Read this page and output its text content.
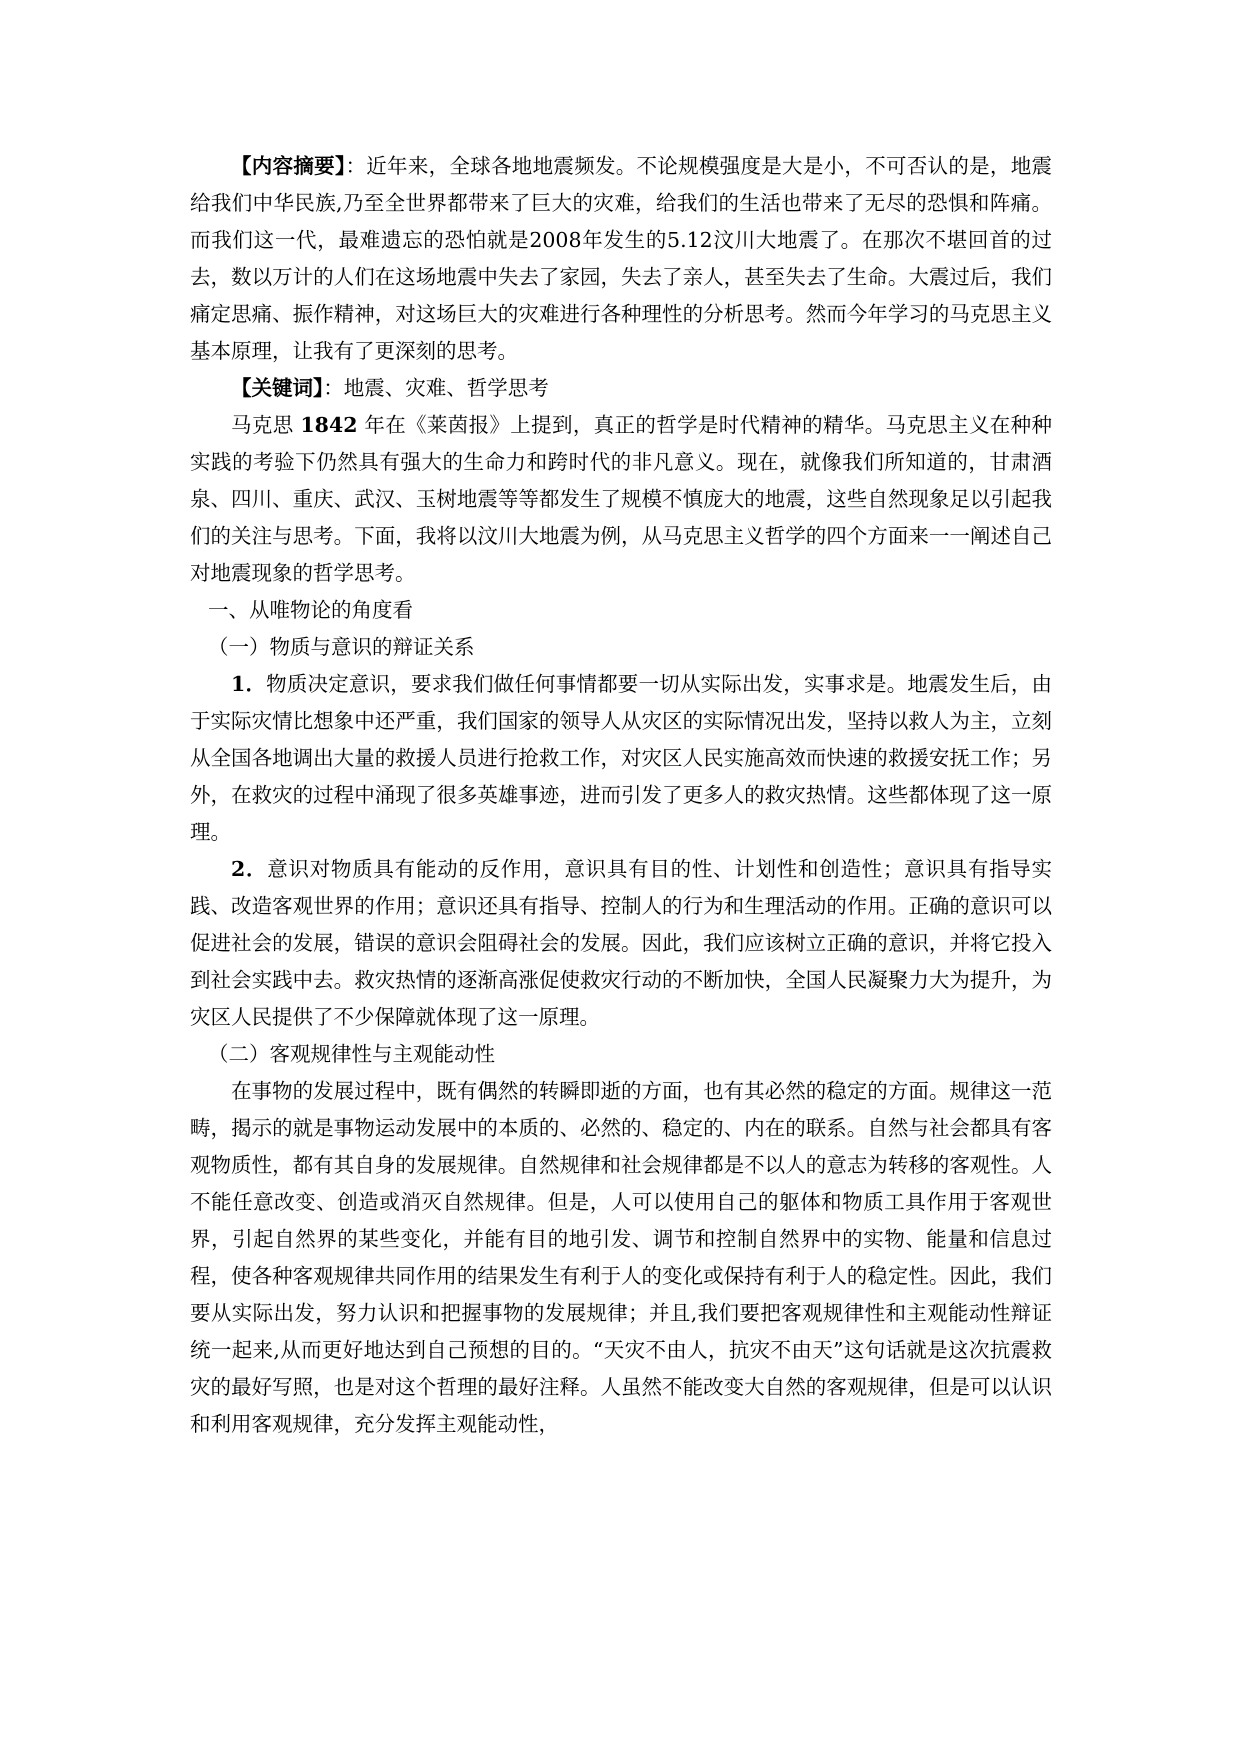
【内容摘要】：近年来，全球各地地震频发。不论规模强度是大是小，不可否认的是，地震给我们中华民族,乃至全世界都带来了巨大的灾难，给我们的生活也带来了无尽的恐惧和阵痛。而我们这一代，最难遗忘的恐怕就是2008年发生的5.12汶川大地震了。在那次不堪回首的过去，数以万计的人们在这场地震中失去了家园，失去了亲人，甚至失去了生命。大震过后，我们痛定思痛、振作精神，对这场巨大的灾难进行各种理性的分析思考。然而今年学习的马克思主义基本原理，让我有了更深刻的思考。

【关键词】：地震、灾难、哲学思考

马克思 1842 年在《莱茵报》上提到，真正的哲学是时代精神的精华。马克思主义在种种实践的考验下仍然具有强大的生命力和跨时代的非凡意义。现在，就像我们所知道的，甘肃酒泉、四川、重庆、武汉、玉树地震等等都发生了规模不慎庞大的地震，这些自然现象足以引起我们的关注与思考。下面，我将以汶川大地震为例，从马克思主义哲学的四个方面来一一阐述自己对地震现象的哲学思考。

一、从唯物论的角度看

（一）物质与意识的辩证关系

1．物质决定意识，要求我们做任何事情都要一切从实际出发，实事求是。地震发生后，由于实际灾情比想象中还严重，我们国家的领导人从灾区的实际情况出发，坚持以救人为主，立刻从全国各地调出大量的救援人员进行抢救工作，对灾区人民实施高效而快速的救援安抚工作；另外，在救灾的过程中涌现了很多英雄事迹，进而引发了更多人的救灾热情。这些都体现了这一原理。

2．意识对物质具有能动的反作用，意识具有目的性、计划性和创造性；意识具有指导实践、改造客观世界的作用；意识还具有指导、控制人的行为和生理活动的作用。正确的意识可以促进社会的发展，错误的意识会阻碍社会的发展。因此，我们应该树立正确的意识，并将它投入到社会实践中去。救灾热情的逐渐高涨促使救灾行动的不断加快，全国人民凝聚力大为提升，为灾区人民提供了不少保障就体现了这一原理。

（二）客观规律性与主观能动性

在事物的发展过程中，既有偶然的转瞬即逝的方面，也有其必然的稳定的方面。规律这一范畴，揭示的就是事物运动发展中的本质的、必然的、稳定的、内在的联系。自然与社会都具有客观物质性，都有其自身的发展规律。自然规律和社会规律都是不以人的意志为转移的客观性。人不能任意改变、创造或消灭自然规律。但是，人可以使用自己的躯体和物质工具作用于客观世界，引起自然界的某些变化，并能有目的地引发、调节和控制自然界中的实物、能量和信息过程，使各种客观规律共同作用的结果发生有利于人的变化或保持有利于人的稳定性。因此，我们要从实际出发，努力认识和把握事物的发展规律；并且,我们要把客观规律性和主观能动性辩证统一起来,从而更好地达到自己预想的目的。“天灾不由人，抗灾不由天”这句话就是这次抗震救灾的最好写照，也是对这个哲理的最好注释。人虽然不能改变大自然的客观规律，但是可以认识和利用客观规律，充分发挥主观能动性，
